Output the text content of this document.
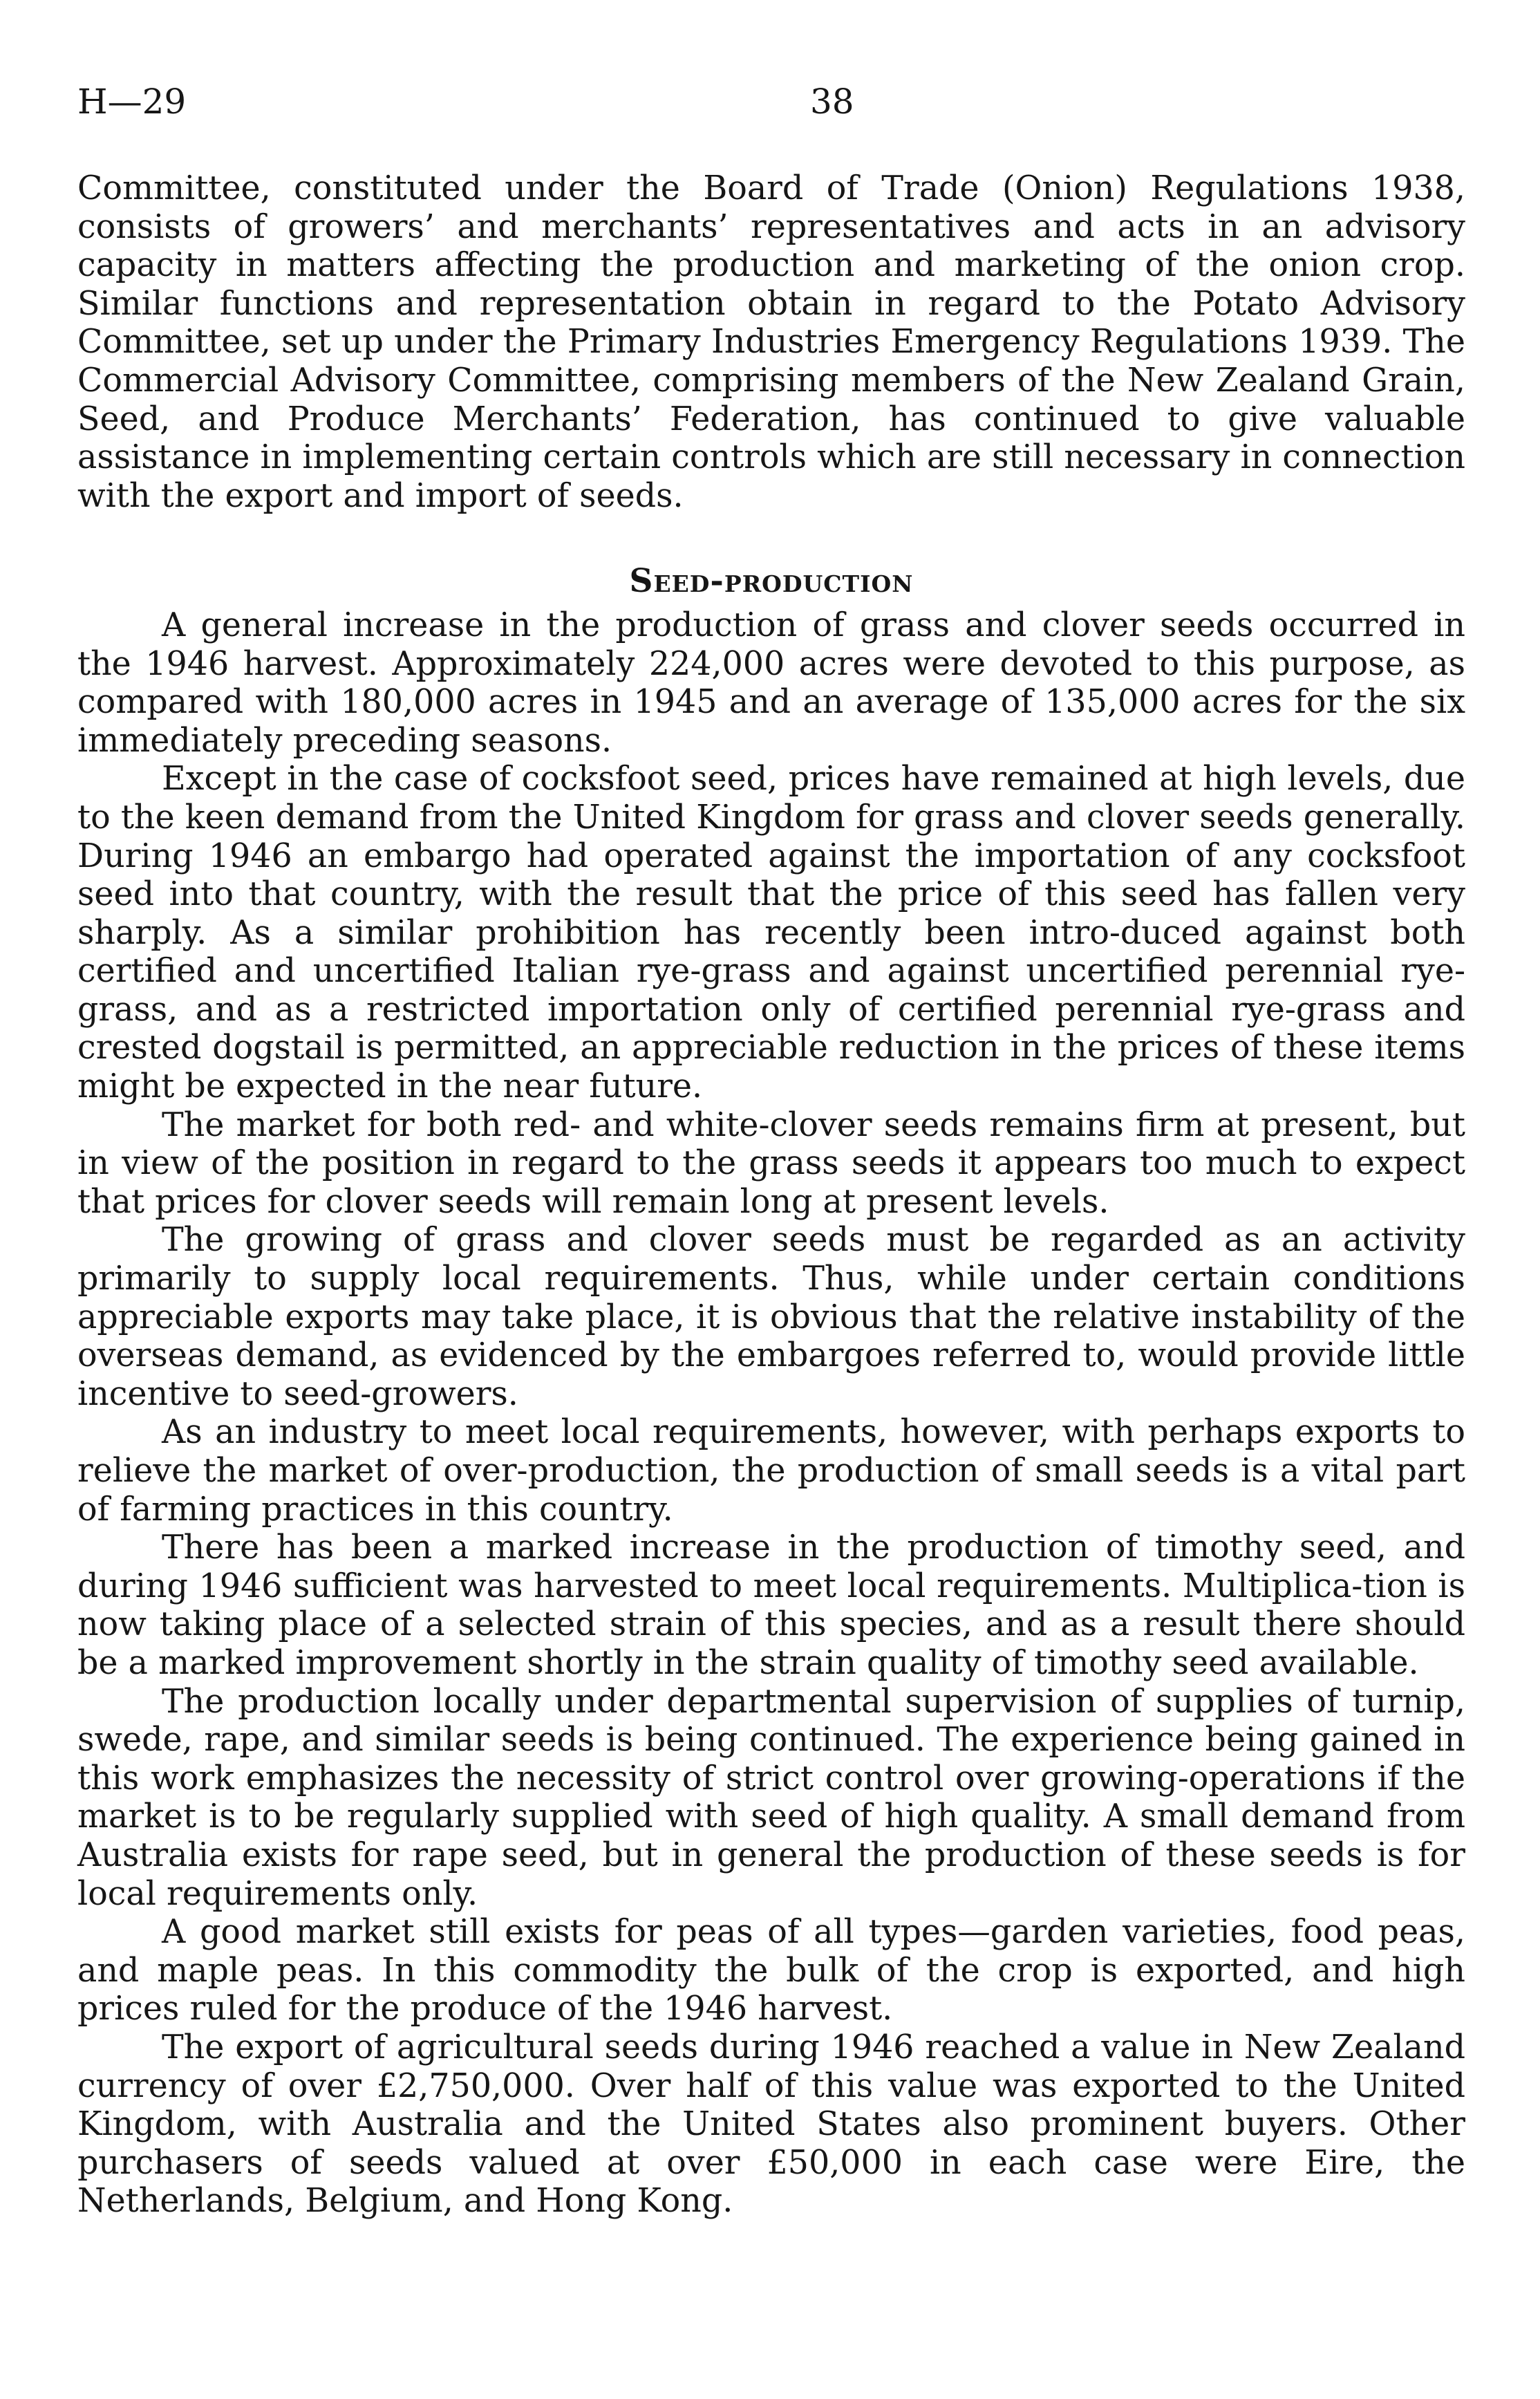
H—29	38

Committee, constituted under the Board of Trade (Onion) Regulations 1938, consists of growers’ and merchants’ representatives and acts in an advisory capacity in matters affecting the production and marketing of the onion crop. Similar functions and representation obtain in regard to the Potato Advisory Committee, set up under the Primary Industries Emergency Regulations 1939. The Commercial Advisory Committee, comprising members of the New Zealand Grain, Seed, and Produce Merchants’ Federation, has continued to give valuable assistance in implementing certain controls which are still necessary in connection with the export and import of seeds.

Seed-production

A general increase in the production of grass and clover seeds occurred in the 1946 harvest. Approximately 224,000 acres were devoted to this purpose, as compared with 180,000 acres in 1945 and an average of 135,000 acres for the six immediately preceding seasons.

Except in the case of cocksfoot seed, prices have remained at high levels, due to the keen demand from the United Kingdom for grass and clover seeds generally. During 1946 an embargo had operated against the importation of any cocksfoot seed into that country, with the result that the price of this seed has fallen very sharply. As a similar prohibition has recently been intro-duced against both certified and uncertified Italian rye-grass and against uncertified perennial rye-grass, and as a restricted importation only of certified perennial rye-grass and crested dogstail is permitted, an appreciable reduction in the prices of these items might be expected in the near future.

The market for both red- and white-clover seeds remains firm at present, but in view of the position in regard to the grass seeds it appears too much to expect that prices for clover seeds will remain long at present levels.

The growing of grass and clover seeds must be regarded as an activity primarily to supply local requirements. Thus, while under certain conditions appreciable exports may take place, it is obvious that the relative instability of the overseas demand, as evidenced by the embargoes referred to, would provide little incentive to seed-growers.

As an industry to meet local requirements, however, with perhaps exports to relieve the market of over-production, the production of small seeds is a vital part of farming practices in this country.

There has been a marked increase in the production of timothy seed, and during 1946 sufficient was harvested to meet local requirements. Multiplica-tion is now taking place of a selected strain of this species, and as a result there should be a marked improvement shortly in the strain quality of timothy seed available.

The production locally under departmental supervision of supplies of turnip, swede, rape, and similar seeds is being continued. The experience being gained in this work emphasizes the necessity of strict control over growing-operations if the market is to be regularly supplied with seed of high quality. A small demand from Australia exists for rape seed, but in general the production of these seeds is for local requirements only.

A good market still exists for peas of all types—garden varieties, food peas, and maple peas. In this commodity the bulk of the crop is exported, and high prices ruled for the produce of the 1946 harvest.

The export of agricultural seeds during 1946 reached a value in New Zealand currency of over £2,750,000. Over half of this value was exported to the United Kingdom, with Australia and the United States also prominent buyers. Other purchasers of seeds valued at over £50,000 in each case were Eire, the Netherlands, Belgium, and Hong Kong.
